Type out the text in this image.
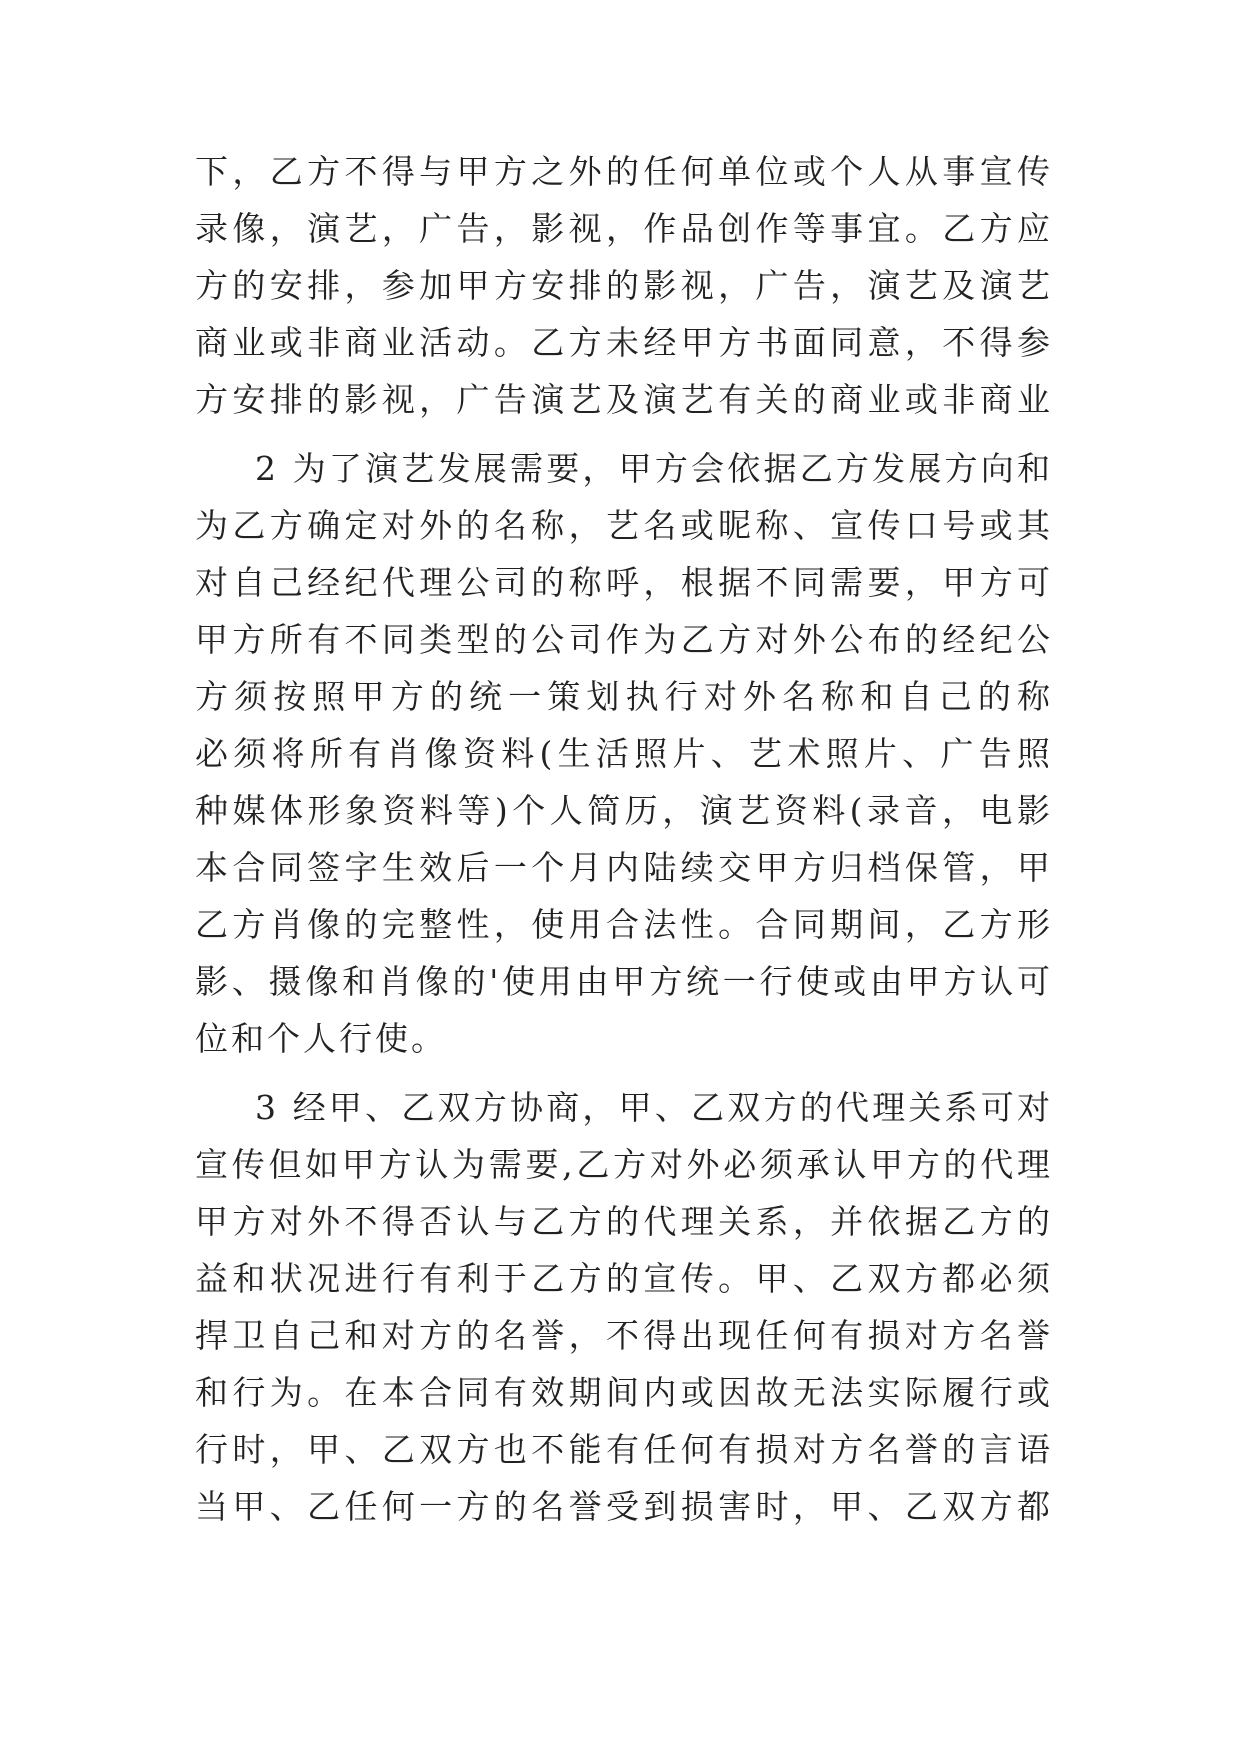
下，乙方不得与甲方之外的任何单位或个人从事宣传
录像，演艺，广告，影视，作品创作等事宜。乙方应
方的安排，参加甲方安排的影视，广告，演艺及演艺
商业或非商业活动。乙方未经甲方书面同意，不得参
方安排的影视，广告演艺及演艺有关的商业或非商业
2 为了演艺发展需要，甲方会依据乙方发展方向和
为乙方确定对外的名称，艺名或昵称、宣传口号或其
对自己经纪代理公司的称呼，根据不同需要，甲方可
甲方所有不同类型的公司作为乙方对外公布的经纪公
方须按照甲方的统一策划执行对外名称和自己的称
必须将所有肖像资料(生活照片、艺术照片、广告照
种媒体形象资料等)个人简历，演艺资料(录音，电影
本合同签字生效后一个月内陆续交甲方归档保管，甲
乙方肖像的完整性，使用合法性。合同期间，乙方形
影、摄像和肖像的'使用由甲方统一行使或由甲方认可
位和个人行使。
3 经甲、乙双方协商，甲、乙双方的代理关系可对
宣传但如甲方认为需要,乙方对外必须承认甲方的代理
甲方对外不得否认与乙方的代理关系，并依据乙方的
益和状况进行有利于乙方的宣传。甲、乙双方都必须
捍卫自己和对方的名誉，不得出现任何有损对方名誉
和行为。在本合同有效期间内或因故无法实际履行或
行时，甲、乙双方也不能有任何有损对方名誉的言语
当甲、乙任何一方的名誉受到损害时，甲、乙双方都
